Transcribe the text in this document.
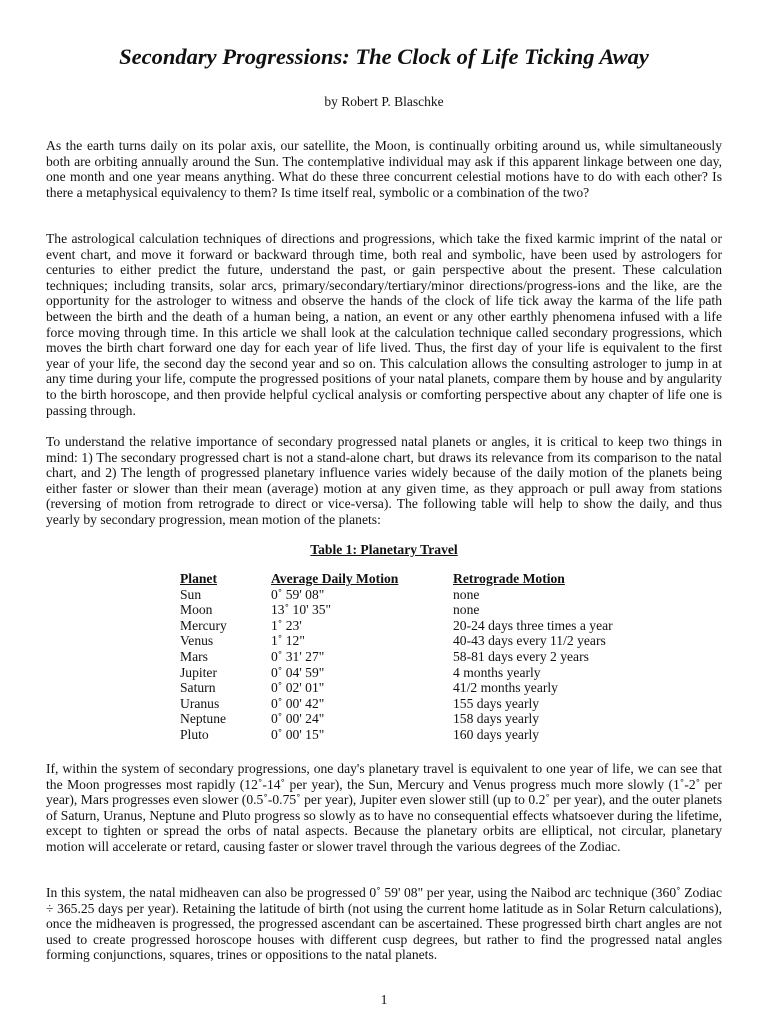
Secondary Progressions: The Clock of Life Ticking Away
by Robert P. Blaschke

As the earth turns daily on its polar axis, our satellite, the Moon, is continually orbiting around us, while simultaneously both are orbiting annually around the Sun. The contemplative individual may ask if this apparent linkage between one day, one month and one year means anything. What do these three concurrent celestial motions have to do with each other? Is there a metaphysical equivalency to them? Is time itself real, symbolic or a combination of the two?

The astrological calculation techniques of directions and progressions, which take the fixed karmic imprint of the natal or event chart, and move it forward or backward through time, both real and symbolic, have been used by astrologers for centuries to either predict the future, understand the past, or gain perspective about the present. These calculation techniques; including transits, solar arcs, primary/secondary/tertiary/minor directions/progress-ions and the like, are the opportunity for the astrologer to witness and observe the hands of the clock of life tick away the karma of the life path between the birth and the death of a human being, a nation, an event or any other earthly phenomena infused with a life force moving through time. In this article we shall look at the calculation technique called secondary progressions, which moves the birth chart forward one day for each year of life lived. Thus, the first day of your life is equivalent to the first year of your life, the second day the second year and so on. This calculation allows the consulting astrologer to jump in at any time during your life, compute the progressed positions of your natal planets, compare them by house and by angularity to the birth horoscope, and then provide helpful cyclical analysis or comforting perspective about any chapter of life one is passing through.

To understand the relative importance of secondary progressed natal planets or angles, it is critical to keep two things in mind: 1) The secondary progressed chart is not a stand-alone chart, but draws its relevance from its comparison to the natal chart, and 2) The length of progressed planetary influence varies widely because of the daily motion of the planets being either faster or slower than their mean (average) motion at any given time, as they approach or pull away from stations (reversing of motion from retrograde to direct or vice-versa). The following table will help to show the daily, and thus yearly by secondary progression, mean motion of the planets:

Table 1: Planetary Travel
Planet	Average Daily Motion	Retrograde Motion
Sun	0˚ 59' 08"	none
Moon	13˚ 10' 35"	none
Mercury	1˚ 23'	20-24 days three times a year
Venus	1˚ 12"	40-43 days every 11/2 years
Mars	0˚ 31' 27"	58-81 days every 2 years
Jupiter	0˚ 04' 59"	4 months yearly
Saturn	0˚ 02' 01"	41/2 months yearly
Uranus	0˚ 00' 42"	155 days yearly
Neptune	0˚ 00' 24"	158 days yearly
Pluto	0˚ 00' 15"	160 days yearly

If, within the system of secondary progressions, one day's planetary travel is equivalent to one year of life, we can see that the Moon progresses most rapidly (12˚-14˚ per year), the Sun, Mercury and Venus progress much more slowly (1˚-2˚ per year), Mars progresses even slower (0.5˚-0.75˚ per year), Jupiter even slower still (up to 0.2˚ per year), and the outer planets of Saturn, Uranus, Neptune and Pluto progress so slowly as to have no consequential effects whatsoever during the lifetime, except to tighten or spread the orbs of natal aspects. Because the planetary orbits are elliptical, not circular, planetary motion will accelerate or retard, causing faster or slower travel through the various degrees of the Zodiac.

In this system, the natal midheaven can also be progressed 0˚ 59' 08" per year, using the Naibod arc technique (360˚ Zodiac ÷ 365.25 days per year). Retaining the latitude of birth (not using the current home latitude as in Solar Return calculations), once the midheaven is progressed, the progressed ascendant can be ascertained. These progressed birth chart angles are not used to create progressed horoscope houses with different cusp degrees, but rather to find the progressed natal angles forming conjunctions, squares, trines or oppositions to the natal planets.

1
